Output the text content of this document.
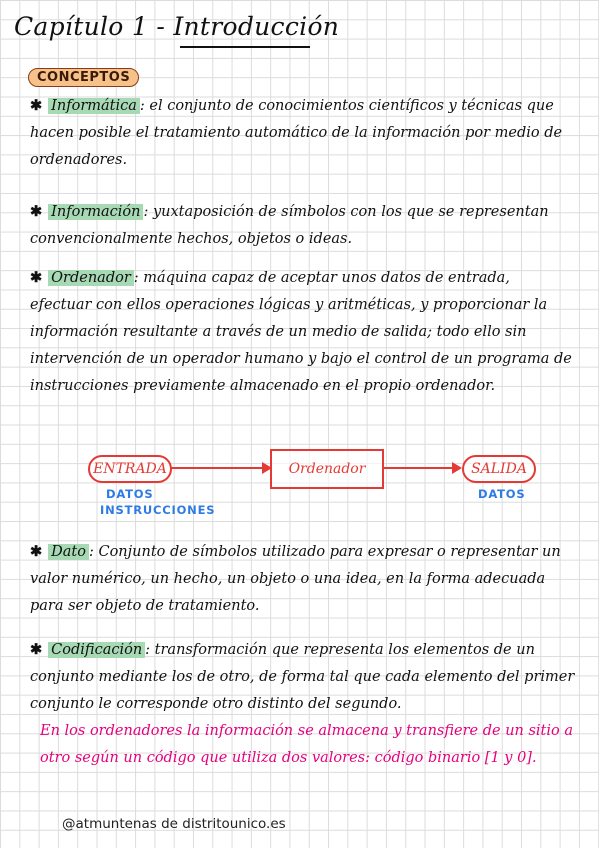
Capítulo 1 - Introducción
CONCEPTOS
✱ Informática : el conjunto de conocimientos científicos y técnicas que hacen posible el tratamiento automático de la información por medio de ordenadores.
✱ Información : yuxtaposición de símbolos con los que se representan convencionalmente hechos, objetos o ideas.
✱ Ordenador : máquina capaz de aceptar unos datos de entrada, efectuar con ellos operaciones lógicas y aritméticas, y proporcionar la información resultante a través de un medio de salida; todo ello sin intervención de un operador humano y bajo el control de un programa de instrucciones previamente almacenado en el propio ordenador.
ENTRADA	Ordenador	SALIDA
DATOS
INSTRUCCIONES
DATOS
✱ Dato : Conjunto de símbolos utilizado para expresar o representar un valor numérico, un hecho, un objeto o una idea, en la forma adecuada para ser objeto de tratamiento.
✱ Codificación : transformación que representa los elementos de un conjunto mediante los de otro, de forma tal que cada elemento del primer conjunto le corresponde otro distinto del segundo.
En los ordenadores la información se almacena y transfiere de un sitio a otro según un código que utiliza dos valores: código binario [1 y 0].
@atmuntenas de distritounico.es
